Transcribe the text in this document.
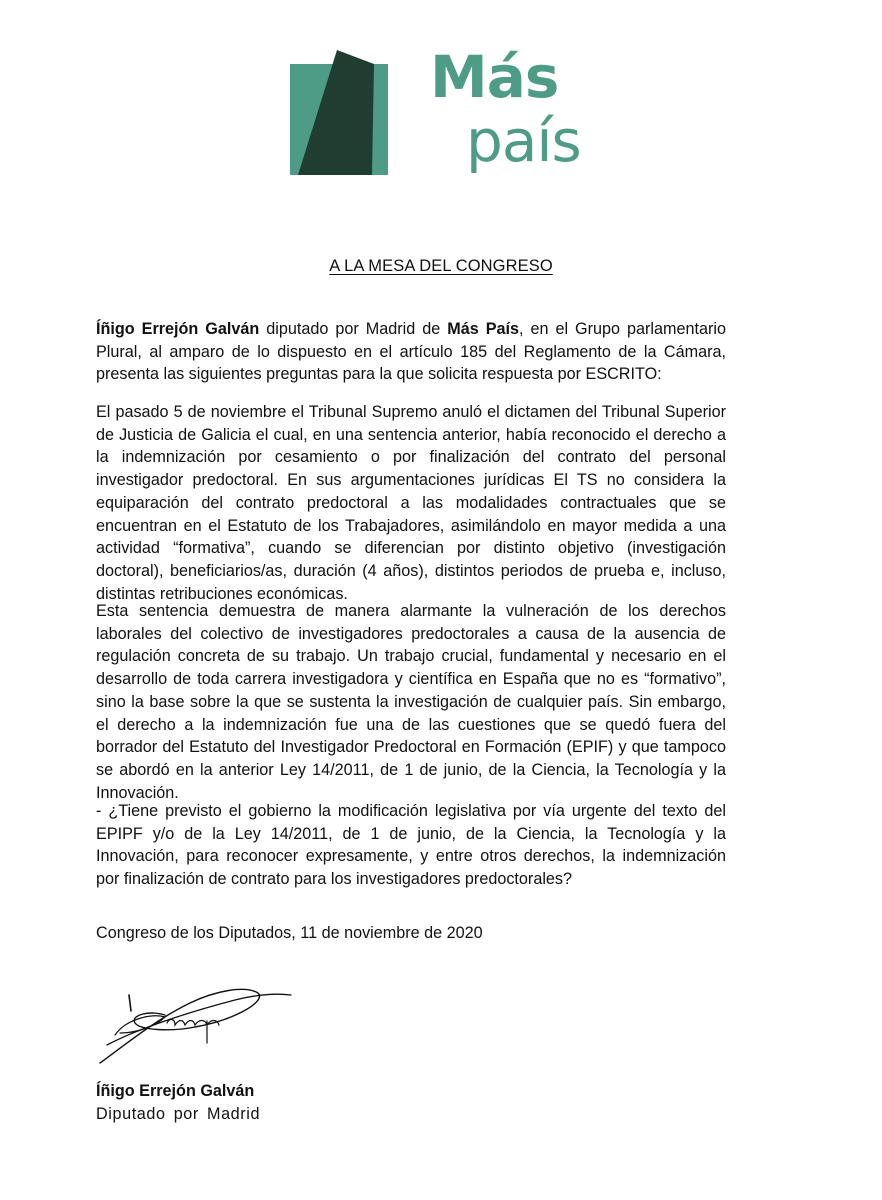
Más
país
A LA MESA DEL CONGRESO

Íñigo Errejón Galván diputado por Madrid de Más País, en el Grupo parlamentario Plural, al amparo de lo dispuesto en el artículo 185 del Reglamento de la Cámara, presenta las siguientes preguntas para la que solicita respuesta por ESCRITO:

El pasado 5 de noviembre el Tribunal Supremo anuló el dictamen del Tribunal Superior de Justicia de Galicia el cual, en una sentencia anterior, había reconocido el derecho a la indemnización por cesamiento o por finalización del contrato del personal investigador predoctoral. En sus argumentaciones jurídicas El TS no considera la equiparación del contrato predoctoral a las modalidades contractuales que se encuentran en el Estatuto de los Trabajadores, asimilándolo en mayor medida a una actividad “formativa”, cuando se diferencian por distinto objetivo (investigación doctoral), beneficiarios/as, duración (4 años), distintos periodos de prueba e, incluso, distintas retribuciones económicas.

Esta sentencia demuestra de manera alarmante la vulneración de los derechos laborales del colectivo de investigadores predoctorales a causa de la ausencia de regulación concreta de su trabajo. Un trabajo crucial, fundamental y necesario en el desarrollo de toda carrera investigadora y científica en España que no es “formativo”, sino la base sobre la que se sustenta la investigación de cualquier país. Sin embargo, el derecho a la indemnización fue una de las cuestiones que se quedó fuera del borrador del Estatuto del Investigador Predoctoral en Formación (EPIF) y que tampoco se abordó en la anterior Ley 14/2011, de 1 de junio, de la Ciencia, la Tecnología y la Innovación.

- ¿Tiene previsto el gobierno la modificación legislativa por vía urgente del texto del EPIPF y/o de la Ley 14/2011, de 1 de junio, de la Ciencia, la Tecnología y la Innovación, para reconocer expresamente, y entre otros derechos, la indemnización por finalización de contrato para los investigadores predoctorales?

Congreso de los Diputados, 11 de noviembre de 2020

Íñigo Errejón Galván

Diputado por Madrid
